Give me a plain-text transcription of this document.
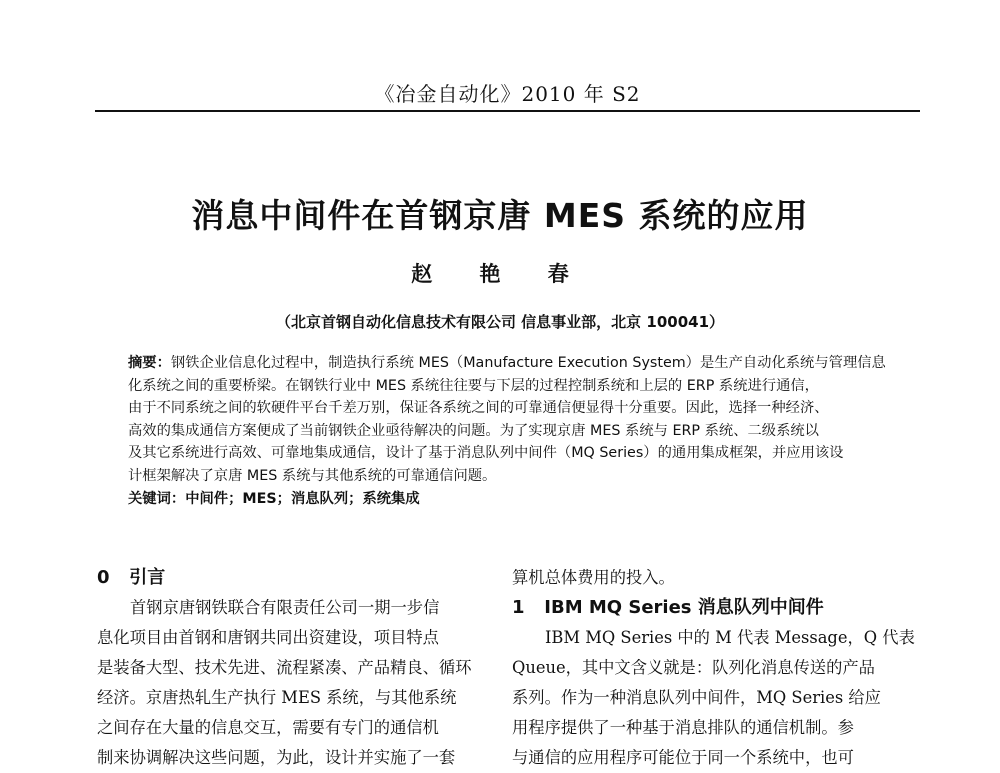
《冶金自动化》2010 年 S2
消息中间件在首钢京唐 MES 系统的应用
赵 艳 春
（北京首钢自动化信息技术有限公司 信息事业部，北京 100041）
摘要：钢铁企业信息化过程中，制造执行系统 MES（Manufacture Execution System）是生产自动化系统与管理信息
化系统之间的重要桥梁。在钢铁行业中 MES 系统往往要与下层的过程控制系统和上层的 ERP 系统进行通信，
由于不同系统之间的软硬件平台千差万别，保证各系统之间的可靠通信便显得十分重要。因此，选择一种经济、
高效的集成通信方案便成了当前钢铁企业亟待解决的问题。为了实现京唐 MES 系统与 ERP 系统、二级系统以
及其它系统进行高效、可靠地集成通信，设计了基于消息队列中间件（MQ Series）的通用集成框架，并应用该设
计框架解决了京唐 MES 系统与其他系统的可靠通信问题。
关键词：中间件；MES；消息队列；系统集成
0 引言
首钢京唐钢铁联合有限责任公司一期一步信
息化项目由首钢和唐钢共同出资建设，项目特点
是装备大型、技术先进、流程紧凑、产品精良、循环
经济。京唐热轧生产执行 MES 系统，与其他系统
之间存在大量的信息交互，需要有专门的通信机
制来协调解决这些问题，为此，设计并实施了一套
算机总体费用的投入。
1 IBM MQ Series 消息队列中间件
IBM MQ Series 中的 M 代表 Message，Q 代表
Queue，其中文含义就是：队列化消息传送的产品
系列。作为一种消息队列中间件，MQ Series 给应
用程序提供了一种基于消息排队的通信机制。参
与通信的应用程序可能位于同一个系统中，也可
